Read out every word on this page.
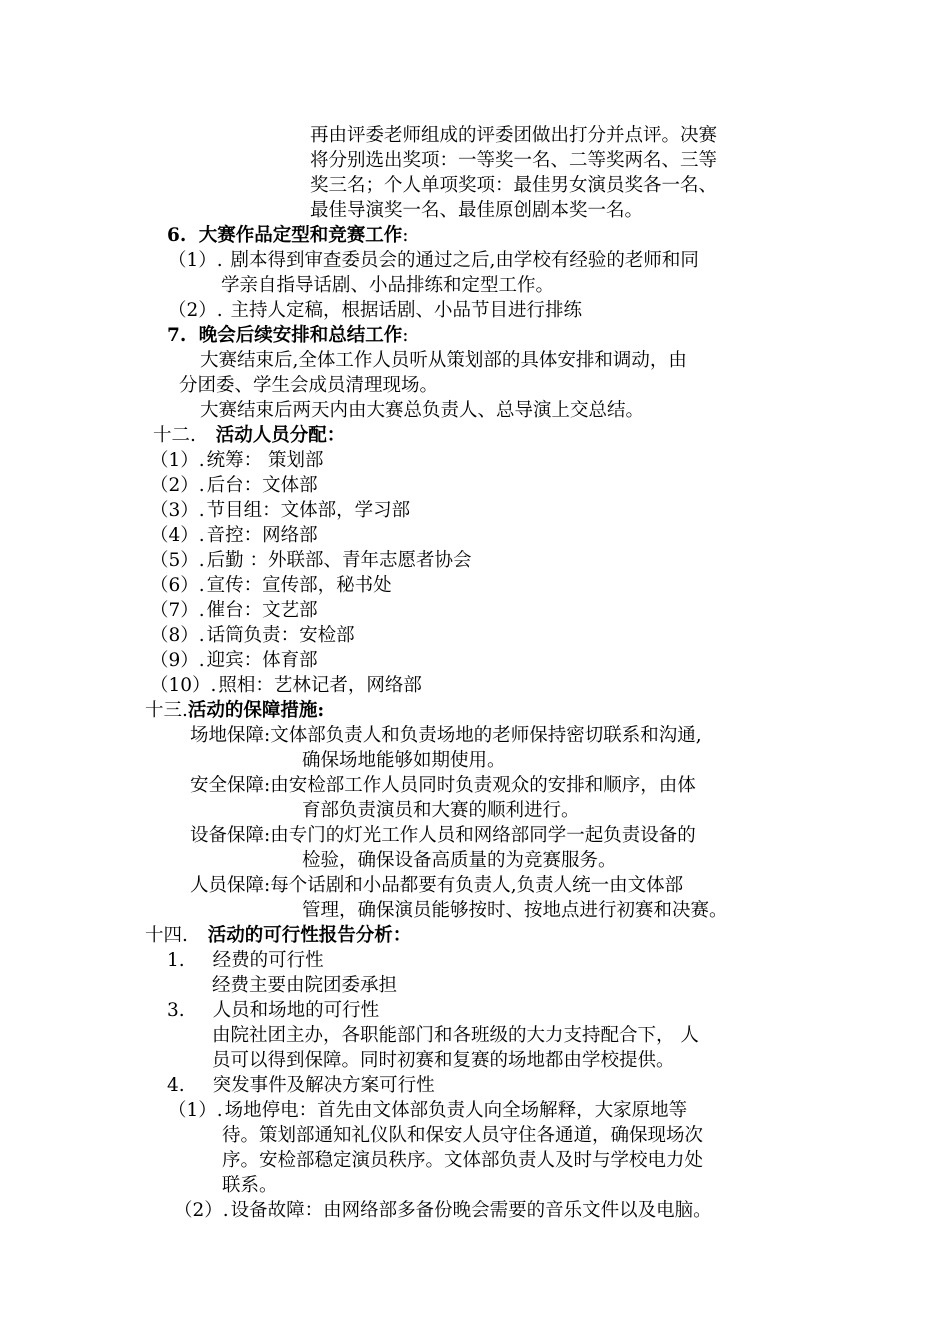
再由评委老师组成的评委团做出打分并点评。决赛
将分别选出奖项：一等奖一名、二等奖两名、三等
奖三名；个人单项奖项：最佳男女演员奖各一名、
最佳导演奖一名、最佳原创剧本奖一名。
6. 大赛作品定型和竞赛工作:
（1）. 剧本得到审查委员会的通过之后,由学校有经验的老师和同
学亲自指导话剧、小品排练和定型工作。
（2）. 主持人定稿，根据话剧、小品节目进行排练
7. 晚会后续安排和总结工作:
大赛结束后,全体工作人员听从策划部的具体安排和调动，由
分团委、学生会成员清理现场。
大赛结束后两天内由大赛总负责人、总导演上交总结。
十二. 活动人员分配：
（1）. 统筹： 策划部
（2）. 后台：文体部
（3）. 节目组：文体部，学习部
（4）. 音控：网络部
（5）. 后勤 ：外联部、青年志愿者协会
（6）. 宣传：宣传部，秘书处
（7）. 催台：文艺部
（8）. 话筒负责：安检部
（9）. 迎宾：体育部
（10）. 照相：艺林记者，网络部
十三.活动的保障措施:
场地保障:文体部负责人和负责场地的老师保持密切联系和沟通,
确保场地能够如期使用。
安全保障:由安检部工作人员同时负责观众的安排和顺序，由体
育部负责演员和大赛的顺利进行。
设备保障:由专门的灯光工作人员和网络部同学一起负责设备的
检验，确保设备高质量的为竞赛服务。
人员保障:每个话剧和小品都要有负责人,负责人统一由文体部
管理，确保演员能够按时、按地点进行初赛和决赛。
十四. 活动的可行性报告分析：
1. 经费的可行性
经费主要由院团委承担
3. 人员和场地的可行性
由院社团主办，各职能部门和各班级的大力支持配合下， 人
员可以得到保障。同时初赛和复赛的场地都由学校提供。
4. 突发事件及解决方案可行性
（1）. 场地停电：首先由文体部负责人向全场解释，大家原地等
待。策划部通知礼仪队和保安人员守住各通道，确保现场次
序。安检部稳定演员秩序。文体部负责人及时与学校电力处
联系。
（2）. 设备故障：由网络部多备份晚会需要的音乐文件以及电脑。
